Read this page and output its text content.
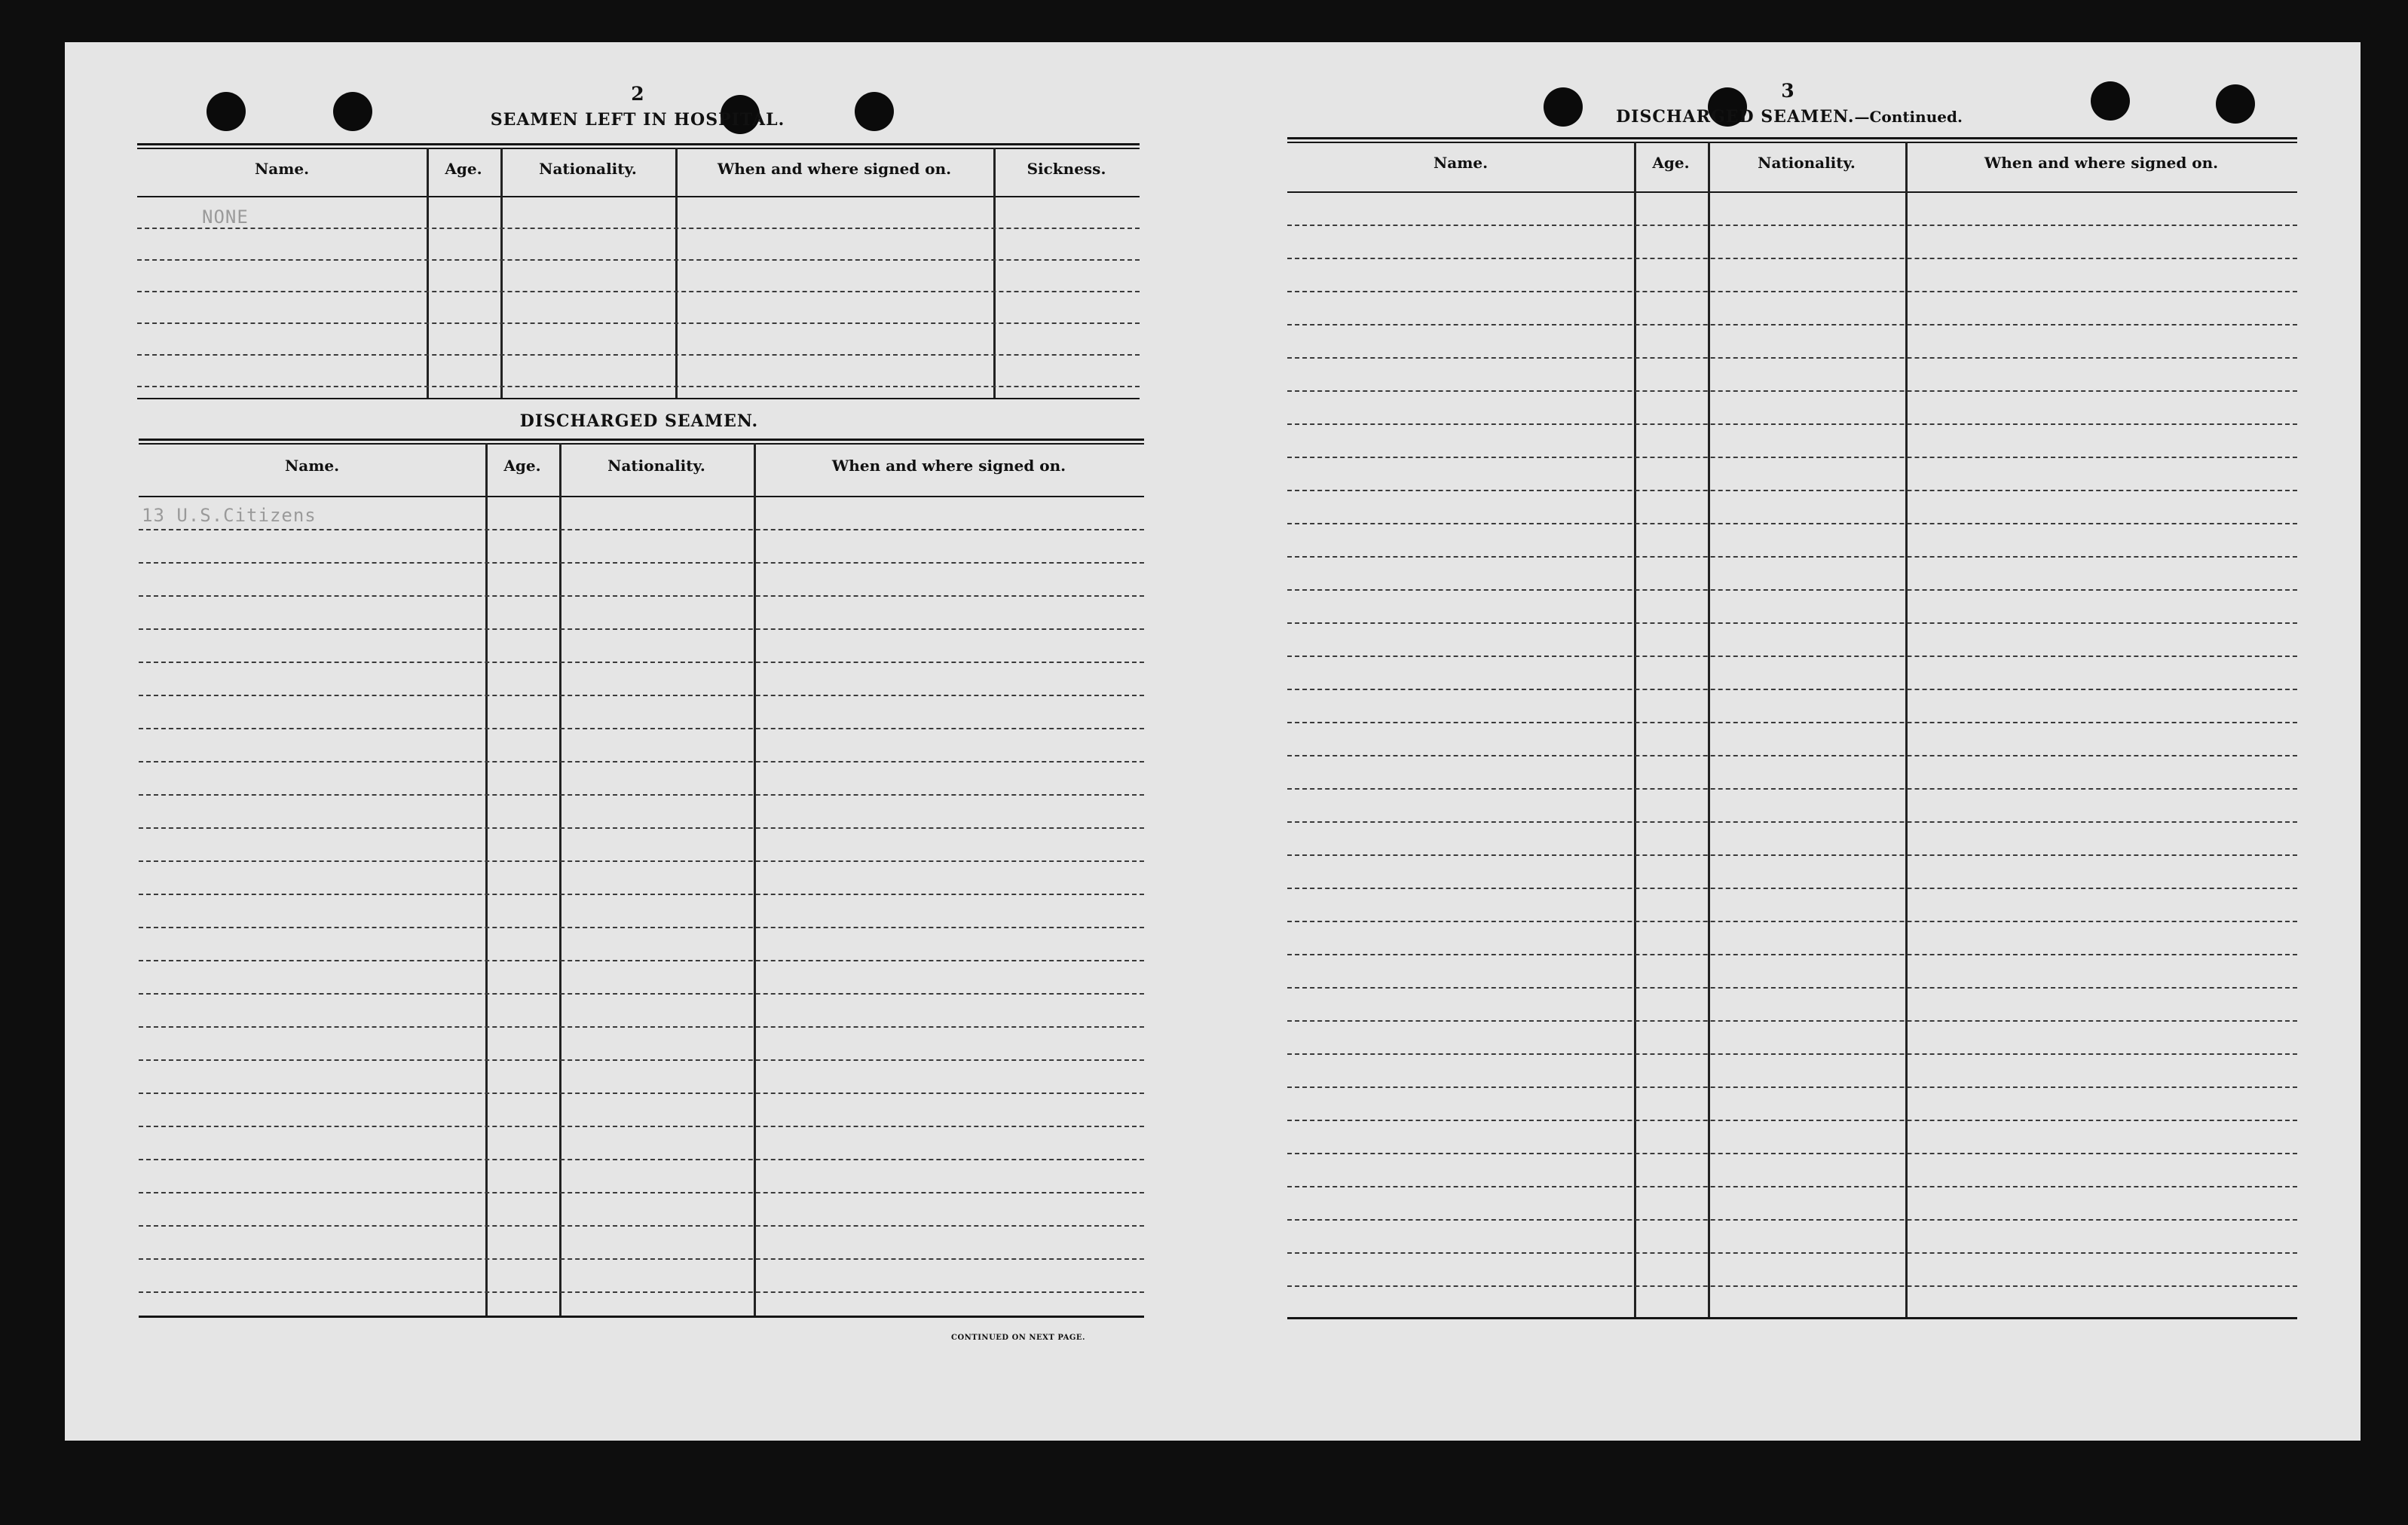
2
SEAMEN LEFT IN HOSPITAL.
Name.	Age.	Nationality.	When and where signed on.	Sickness.
NONE
DISCHARGED SEAMEN.
Name.	Age.	Nationality.	When and where signed on.
13 U.S.Citizens
CONTINUED ON NEXT PAGE.
3
DISCHARGED SEAMEN.—Continued.
Name.	Age.	Nationality.	When and where signed on.
